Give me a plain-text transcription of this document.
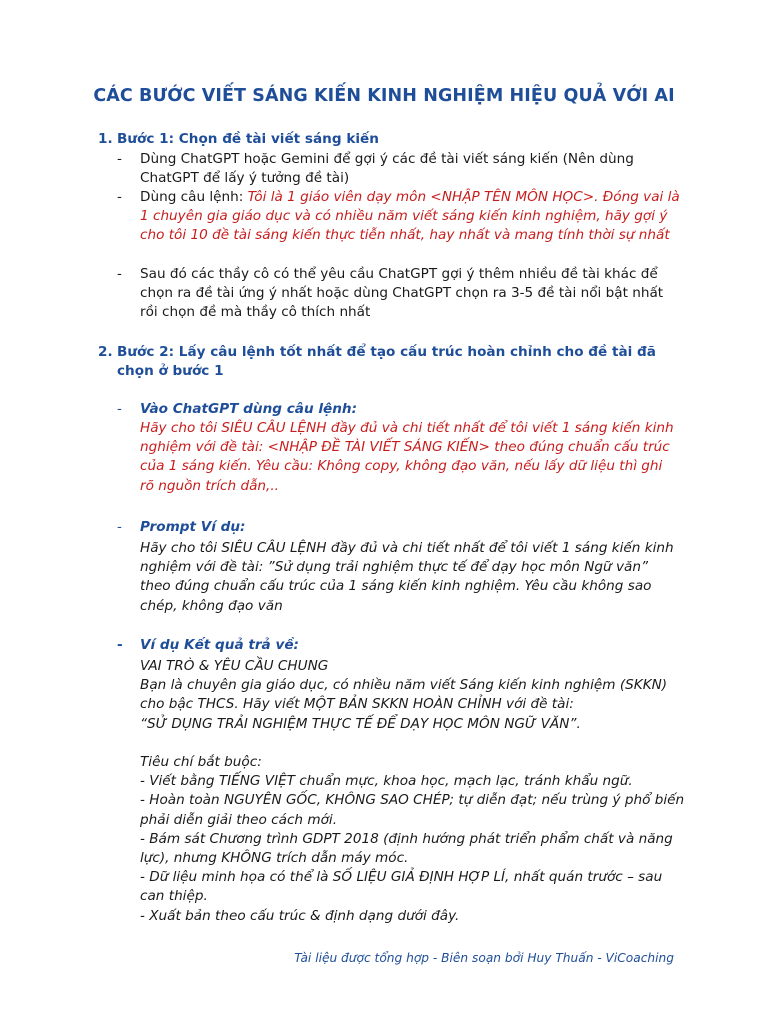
CÁC BƯỚC VIẾT SÁNG KIẾN KINH NGHIỆM HIỆU QUẢ VỚI AI
1. Bước 1: Chọn đề tài viết sáng kiến
- Dùng ChatGPT hoặc Gemini để gợi ý các đề tài viết sáng kiến (Nên dùng ChatGPT để lấy ý tưởng đề tài)
- Dùng câu lệnh: Tôi là 1 giáo viên dạy môn <NHẬP TÊN MÔN HỌC>. Đóng vai là 1 chuyên gia giáo dục và có nhiều năm viết sáng kiến kinh nghiệm, hãy gợi ý cho tôi 10 đề tài sáng kiến thực tiễn nhất, hay nhất và mang tính thời sự nhất
- Sau đó các thầy cô có thể yêu cầu ChatGPT gợi ý thêm nhiều đề tài khác để chọn ra đề tài ứng ý nhất hoặc dùng ChatGPT chọn ra 3-5 đề tài nổi bật nhất rồi chọn đề mà thầy cô thích nhất
2. Bước 2: Lấy câu lệnh tốt nhất để tạo cấu trúc hoàn chỉnh cho đề tài đã chọn ở bước 1
- Vào ChatGPT dùng câu lệnh:
Hãy cho tôi SIÊU CÂU LỆNH đầy đủ và chi tiết nhất để tôi viết 1 sáng kiến kinh nghiệm với đề tài: <NHẬP ĐỀ TÀI VIẾT SÁNG KIẾN> theo đúng chuẩn cấu trúc của 1 sáng kiến. Yêu cầu: Không copy, không đạo văn, nếu lấy dữ liệu thì ghi rõ nguồn trích dẫn,..
- Prompt Ví dụ:
Hãy cho tôi SIÊU CÂU LỆNH đầy đủ và chi tiết nhất để tôi viết 1 sáng kiến kinh nghiệm với đề tài: ”Sử dụng trải nghiệm thực tế để dạy học môn Ngữ văn” theo đúng chuẩn cấu trúc của 1 sáng kiến kinh nghiệm. Yêu cầu không sao chép, không đạo văn
- Ví dụ Kết quả trả về:
VAI TRÒ & YÊU CẦU CHUNG
Bạn là chuyên gia giáo dục, có nhiều năm viết Sáng kiến kinh nghiệm (SKKN) cho bậc THCS. Hãy viết MỘT BẢN SKKN HOÀN CHỈNH với đề tài:
“SỬ DỤNG TRẢI NGHIỆM THỰC TẾ ĐỂ DẠY HỌC MÔN NGỮ VĂN”.
Tiêu chí bắt buộc:
- Viết bằng TIẾNG VIỆT chuẩn mực, khoa học, mạch lạc, tránh khẩu ngữ.
- Hoàn toàn NGUYÊN GỐC, KHÔNG SAO CHÉP; tự diễn đạt; nếu trùng ý phổ biến phải diễn giải theo cách mới.
- Bám sát Chương trình GDPT 2018 (định hướng phát triển phẩm chất và năng lực), nhưng KHÔNG trích dẫn máy móc.
- Dữ liệu minh họa có thể là SỐ LIỆU GIẢ ĐỊNH HỢP LÍ, nhất quán trước – sau can thiệp.
- Xuất bản theo cấu trúc & định dạng dưới đây.
Tài liệu được tổng hợp - Biên soạn bởi Huy Thuấn - ViCoaching
